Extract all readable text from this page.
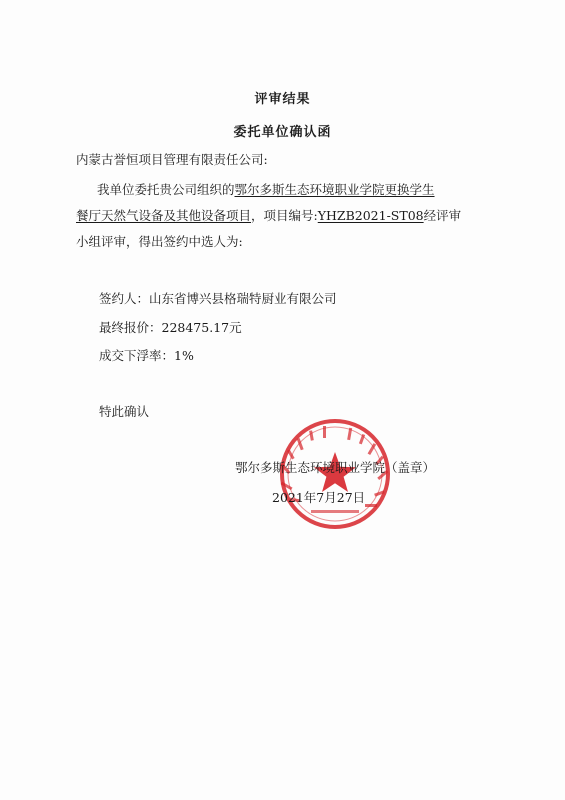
评审结果
委托单位确认函
内蒙古誉恒项目管理有限责任公司:
我单位委托贵公司组织的鄂尔多斯生态环境职业学院更换学生
餐厅天然气设备及其他设备项目，项目编号:YHZB2021-ST08经评审
小组评审，得出签约中选人为:
签约人：山东省博兴县格瑞特厨业有限公司
最终报价：228475.17元
成交下浮率：1%
特此确认
鄂尔多斯生态环境职业学院（盖章）
2021年7月27日
